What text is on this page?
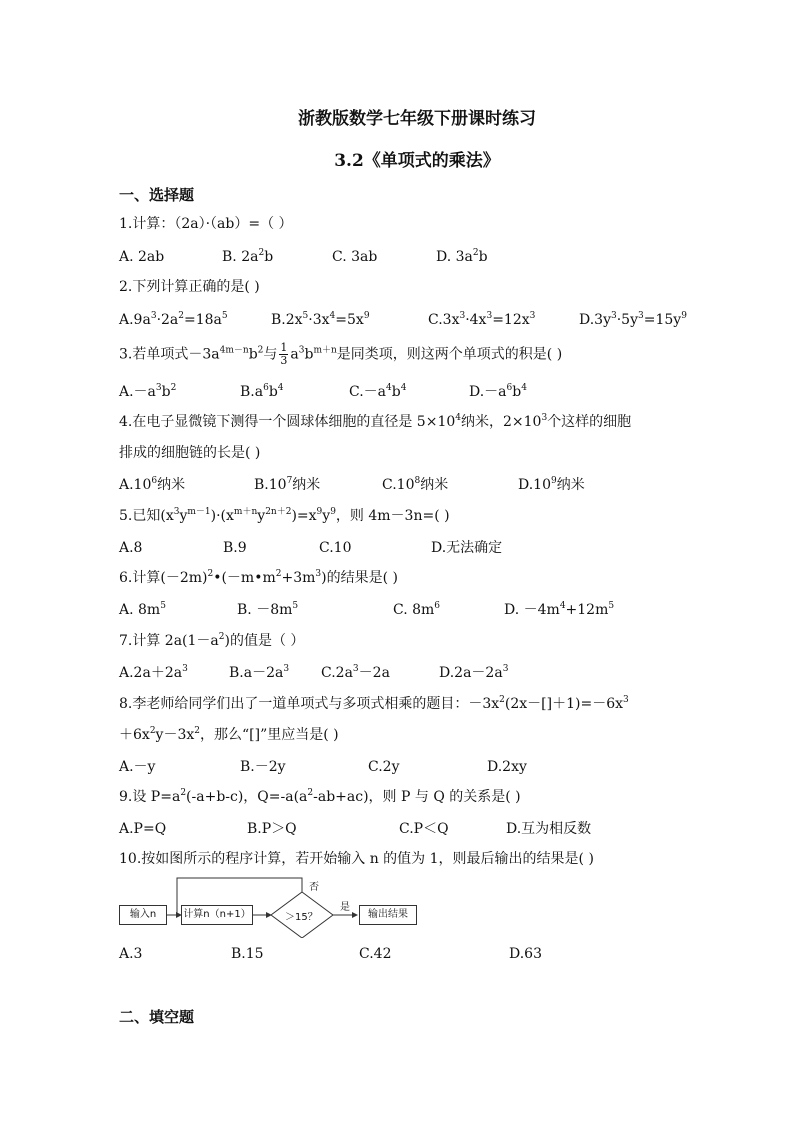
浙教版数学七年级下册课时练习
3.2《单项式的乘法》
一、选择题
1.计算：（2a）·（ab）=（ ）
A. 2ab	B. $2a^2b$	C. 3ab	D. $3a^2b$
2.下列计算正确的是( )
$A.9a^3\cdot 2a^2=18a^5$	$B.2x^5\cdot 3x^4=5x^9$	$C.3x^3\cdot 4x^3=12x^3$	$D.3y^3\cdot 5y^3=15y^9$
3.若单项式$-3a^{4m-n}b^2$与 $\frac{1}{3} a^3b^{m+n}$是同类项，则这两个单项式的积是( )
$A.-a^3b^2$	$B.a^6b^4$	$C.-a^4b^4$	$D.-a^6b^4$
4.在电子显微镜下测得一个圆球体细胞的直径是 $5\times 10^4$纳米，$2\times 10^3$个这样的细胞
排成的细胞链的长是( )
$A.10^6$纳米	$B.10^7$纳米	$C.10^8$纳米	$D.10^9$纳米
5.已知$(x^3y^{m-1})\cdot(x^{m+n}y^{2n+2})=x^9y^9$，则 4m－3n=( )
A.8	B.9	C.10	D.无法确定
6.计算$(-2m)^2•(-m•m^2+3m^3)$的结果是( )
A. $8m^5$	B. $-8m^5$	C. $8m^6$	D. $-4m^4+12m^5$
7.计算 $2a(1-a^2)$的值是（ ）
$A.2a+2a^3$	$B.a-2a^3$ $C.2a^3-2a$	$D.2a-2a^3$
8.李老师给同学们出了一道单项式与多项式相乘的题目：$-3x^2(2x-[]+1)=-6x^3$
$+6x^2y-3x^2$，那么“[]”里应当是( )
A.－y	B.－2y	C.2y	D.2xy
9.设 $P=a^2(-a+b-c)$，$Q=-a(a^2-ab+ac)$，则 P 与 Q 的关系是( )
A.P=Q	B.P＞Q	C.P＜Q	D.互为相反数
10.按如图所示的程序计算，若开始输入 n 的值为 1，则最后输出的结果是( )
输入n	计算n（n+1）	＞15？
是
否
输出结果
A.3	B.15	C.42	D.63
二、填空题
